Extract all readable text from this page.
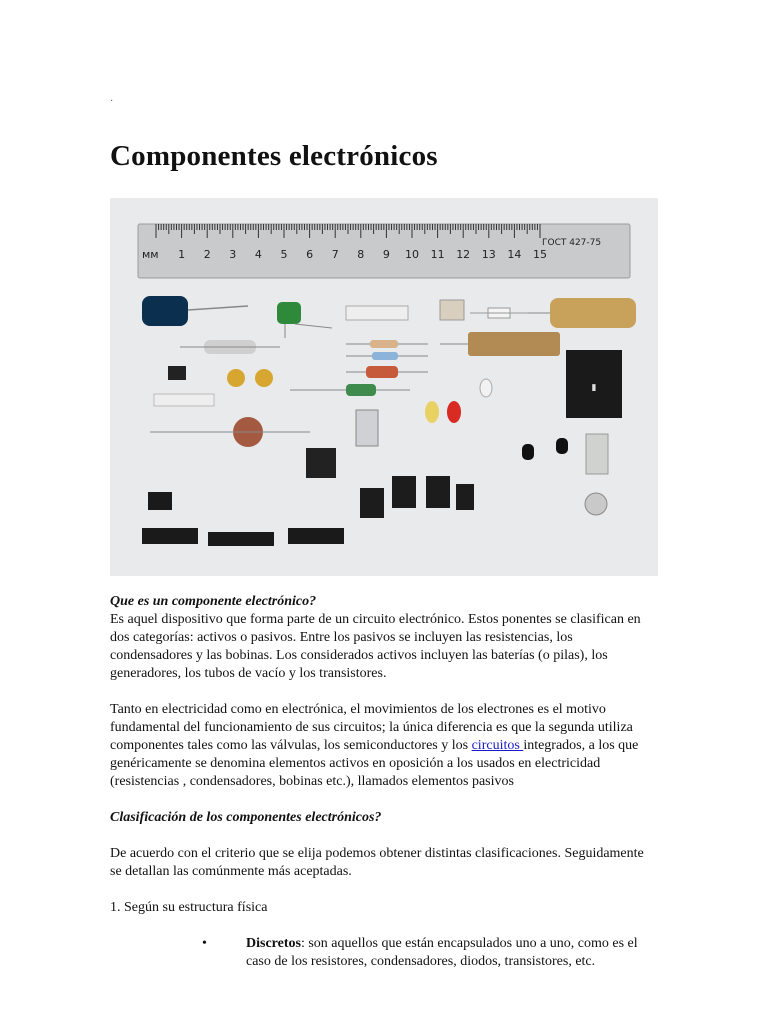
·
Componentes electrónicos
мм 1 2 3 4 5 6 7 8 9 10 11 12 13 14 15
ГОСТ 427-75
▮

Que es un componente electrónico?

Es aquel dispositivo que forma parte de un circuito electrónico. Estos ponentes se clasifican en dos categorías: activos o pasivos. Entre los pasivos se incluyen las resistencias, los condensadores y las bobinas. Los considerados activos incluyen las baterías (o pilas), los generadores, los tubos de vacío y los transistores.

Tanto en electricidad como en electrónica, el movimientos de los electrones es el motivo fundamental del funcionamiento de sus circuitos; la única diferencia es que la segunda utiliza componentes tales como las válvulas, los semiconductores y los circuitos integrados, a los que genéricamente se denomina elementos activos en oposición a los usados en electricidad (resistencias , condensadores, bobinas etc.), llamados elementos pasivos

Clasificación de los componentes electrónicos?

De acuerdo con el criterio que se elija podemos obtener distintas clasificaciones. Seguidamente se detallan las comúnmente más aceptadas.

1. Según su estructura física

•	Discretos: son aquellos que están encapsulados uno a uno, como es el caso de los resistores, condensadores, diodos, transistores, etc.
